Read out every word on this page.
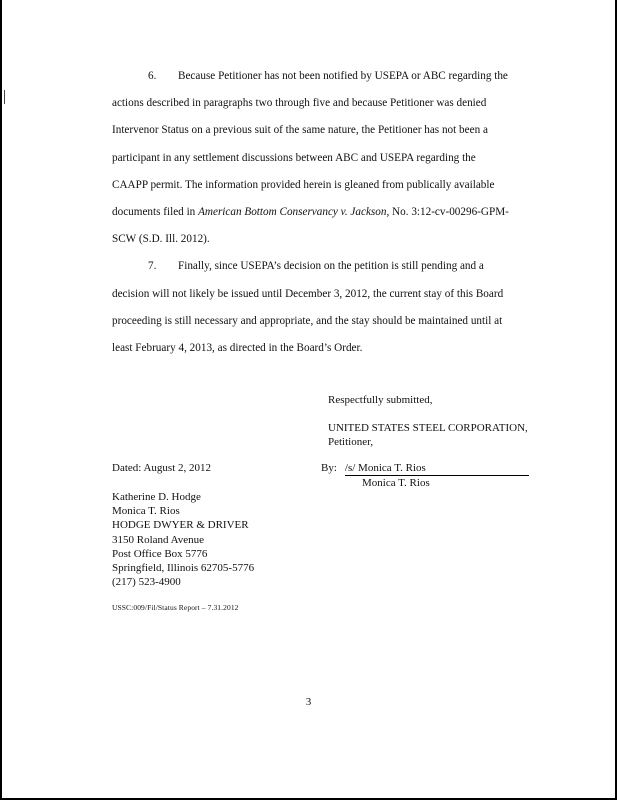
6. Because Petitioner has not been notified by USEPA or ABC regarding the
actions described in paragraphs two through five and because Petitioner was denied
Intervenor Status on a previous suit of the same nature, the Petitioner has not been a
participant in any settlement discussions between ABC and USEPA regarding the
CAAPP permit. The information provided herein is gleaned from publically available
documents filed in American Bottom Conservancy v. Jackson, No. 3:12-cv-00296-GPM-
SCW (S.D. Ill. 2012).

7. Finally, since USEPA’s decision on the petition is still pending and a
decision will not likely be issued until December 3, 2012, the current stay of this Board
proceeding is still necessary and appropriate, and the stay should be maintained until at
least February 4, 2013, as directed in the Board’s Order.

Respectfully submitted,

UNITED STATES STEEL CORPORATION,
Petitioner,

Dated: August 2, 2012	By: /s/ Monica T. Rios

Monica T. Rios

Katherine D. Hodge
Monica T. Rios
HODGE DWYER & DRIVER
3150 Roland Avenue
Post Office Box 5776
Springfield, Illinois 62705-5776
(217) 523-4900

USSC:009/Fil/Status Report – 7.31.2012

3
